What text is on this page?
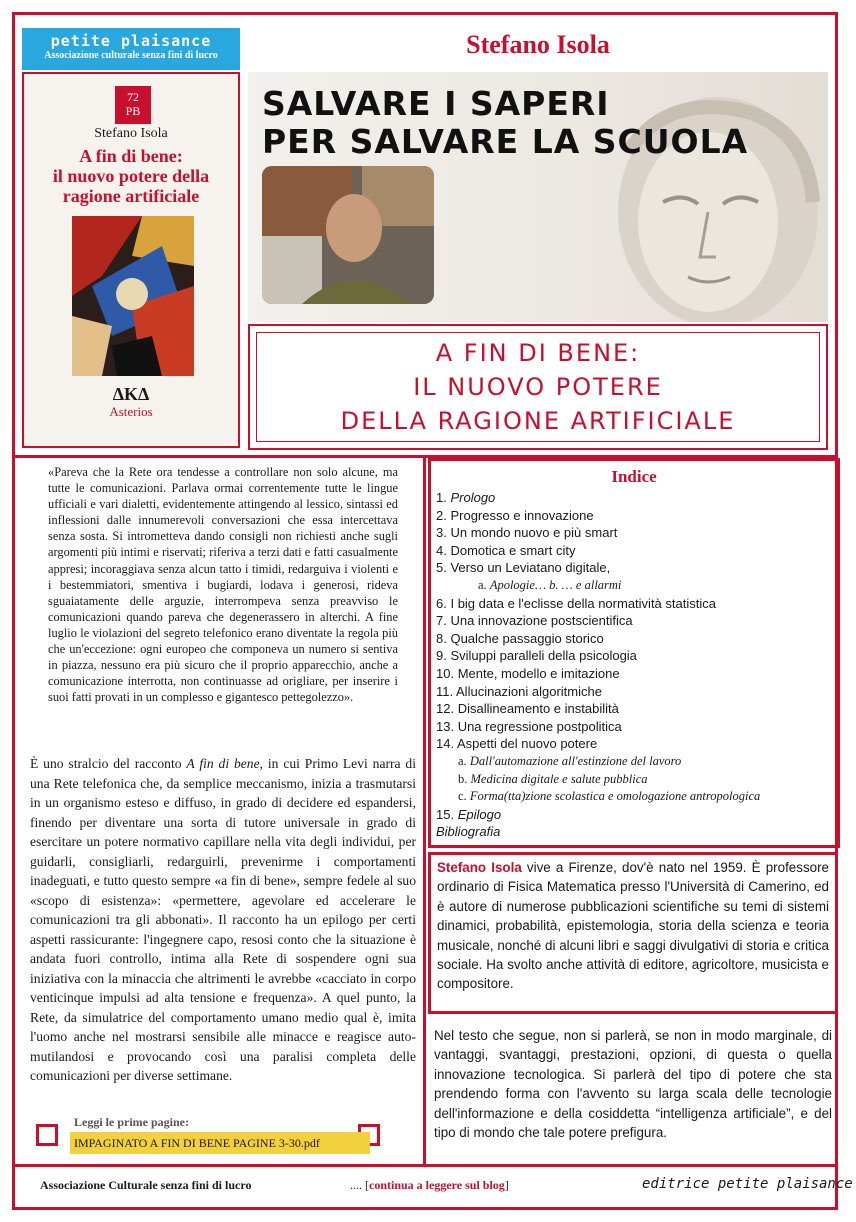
petite plaisance
Associazione culturale senza fini di lucro
72
PB
Stefano Isola
A fin di bene:
il nuovo potere della
ragione artificiale
ΔΚΔ
Asterios
Stefano Isola
SALVARE I SAPERI
PER SALVARE LA SCUOLA
A FIN DI BENE:
IL NUOVO POTERE
DELLA RAGIONE ARTIFICIALE

«Pareva che la Rete ora tendesse a controllare non solo alcune, ma tutte le comunicazioni. Parlava ormai correntemente tutte le lingue ufficiali e vari dialetti, evidentemente attingendo al lessico, sintassi ed inflessioni dalle innumerevoli conversazioni che essa intercettava senza sosta. Si intrometteva dando consigli non richiesti anche sugli argomenti più intimi e riservati; riferiva a terzi dati e fatti casualmente appresi; incoraggiava senza alcun tatto i timidi, redarguiva i violenti e i bestemmiatori, smentiva i bugiardi, lodava i generosi, rideva sguaiatamente delle arguzie, interrompeva senza preavviso le comunicazioni quando pareva che degenerassero in alterchi. A fine luglio le violazioni del segreto telefonico erano diventate la regola più che un'eccezione: ogni europeo che componeva un numero si sentiva in piazza, nessuno era più sicuro che il proprio apparecchio, anche a comunicazione interrotta, non continuasse ad origliare, per inserire i suoi fatti provati in un complesso e gigantesco pettegolezzo».

È uno stralcio del racconto A fin di bene, in cui Primo Levi narra di una Rete telefonica che, da semplice meccanismo, inizia a trasmutarsi in un organismo esteso e diffuso, in grado di decidere ed espandersi, finendo per diventare una sorta di tutore universale in grado di esercitare un potere normativo capillare nella vita degli individui, per guidarli, consigliarli, redarguirli, prevenirme i comportamenti inadeguati, e tutto questo sempre «a fin di bene», sempre fedele al suo «scopo di esistenza»: «permettere, agevolare ed accelerare le comunicazioni tra gli abbonati». Il racconto ha un epilogo per certi aspetti rassicurante: l'ingegnere capo, resosi conto che la situazione è andata fuori controllo, intima alla Rete di sospendere ogni sua iniziativa con la minaccia che altrimenti le avrebbe «cacciato in corpo venticinque impulsi ad alta tensione e frequenza». A quel punto, la Rete, da simulatrice del comportamento umano medio qual è, imita l'uomo anche nel mostrarsi sensibile alle minacce e reagisce auto-mutilandosi e provocando così una paralisi completa delle comunicazioni per diverse settimane.

Leggi le prime pagine:
IMPAGINATO A FIN DI BENE PAGINE 3-30.pdf
Indice
1. Prologo
2. Progresso e innovazione
3. Un mondo nuovo e più smart
4. Domotica e smart city
5. Verso un Leviatano digitale,
a. Apologie… b. … e allarmi
6. I big data e l'eclisse della normatività statistica
7. Una innovazione postscientifica
8. Qualche passaggio storico
9. Sviluppi paralleli della psicologia
10. Mente, modello e imitazione
11. Allucinazioni algoritmiche
12. Disallineamento e instabilità
13. Una regressione postpolitica
14. Aspetti del nuovo potere
a. Dall'automazione all'estinzione del lavoro
b. Medicina digitale e salute pubblica
c. Forma(tta)zione scolastica e omologazione antropologica
15. Epilogo
Bibliografia

Stefano Isola vive a Firenze, dov'è nato nel 1959. È professore ordinario di Fisica Matematica presso l'Università di Camerino, ed è autore di numerose pubblicazioni scientifiche su temi di sistemi dinamici, probabilità, epistemologia, storia della scienza e teoria musicale, nonché di alcuni libri e saggi divulgativi di storia e critica sociale. Ha svolto anche attività di editore, agricoltore, musicista e compositore.

Nel testo che segue, non si parlerà, se non in modo marginale, di vantaggi, svantaggi, prestazioni, opzioni, di questa o quella innovazione tecnologica. Si parlerà del tipo di potere che sta prendendo forma con l'avvento su larga scala delle tecnologie dell'informazione e della cosiddetta “intelligenza artificiale”, e del tipo di mondo che tale potere prefigura.

Associazione Culturale senza fini di lucro	.... [continua a leggere sul blog]	editrice petite plaisance
